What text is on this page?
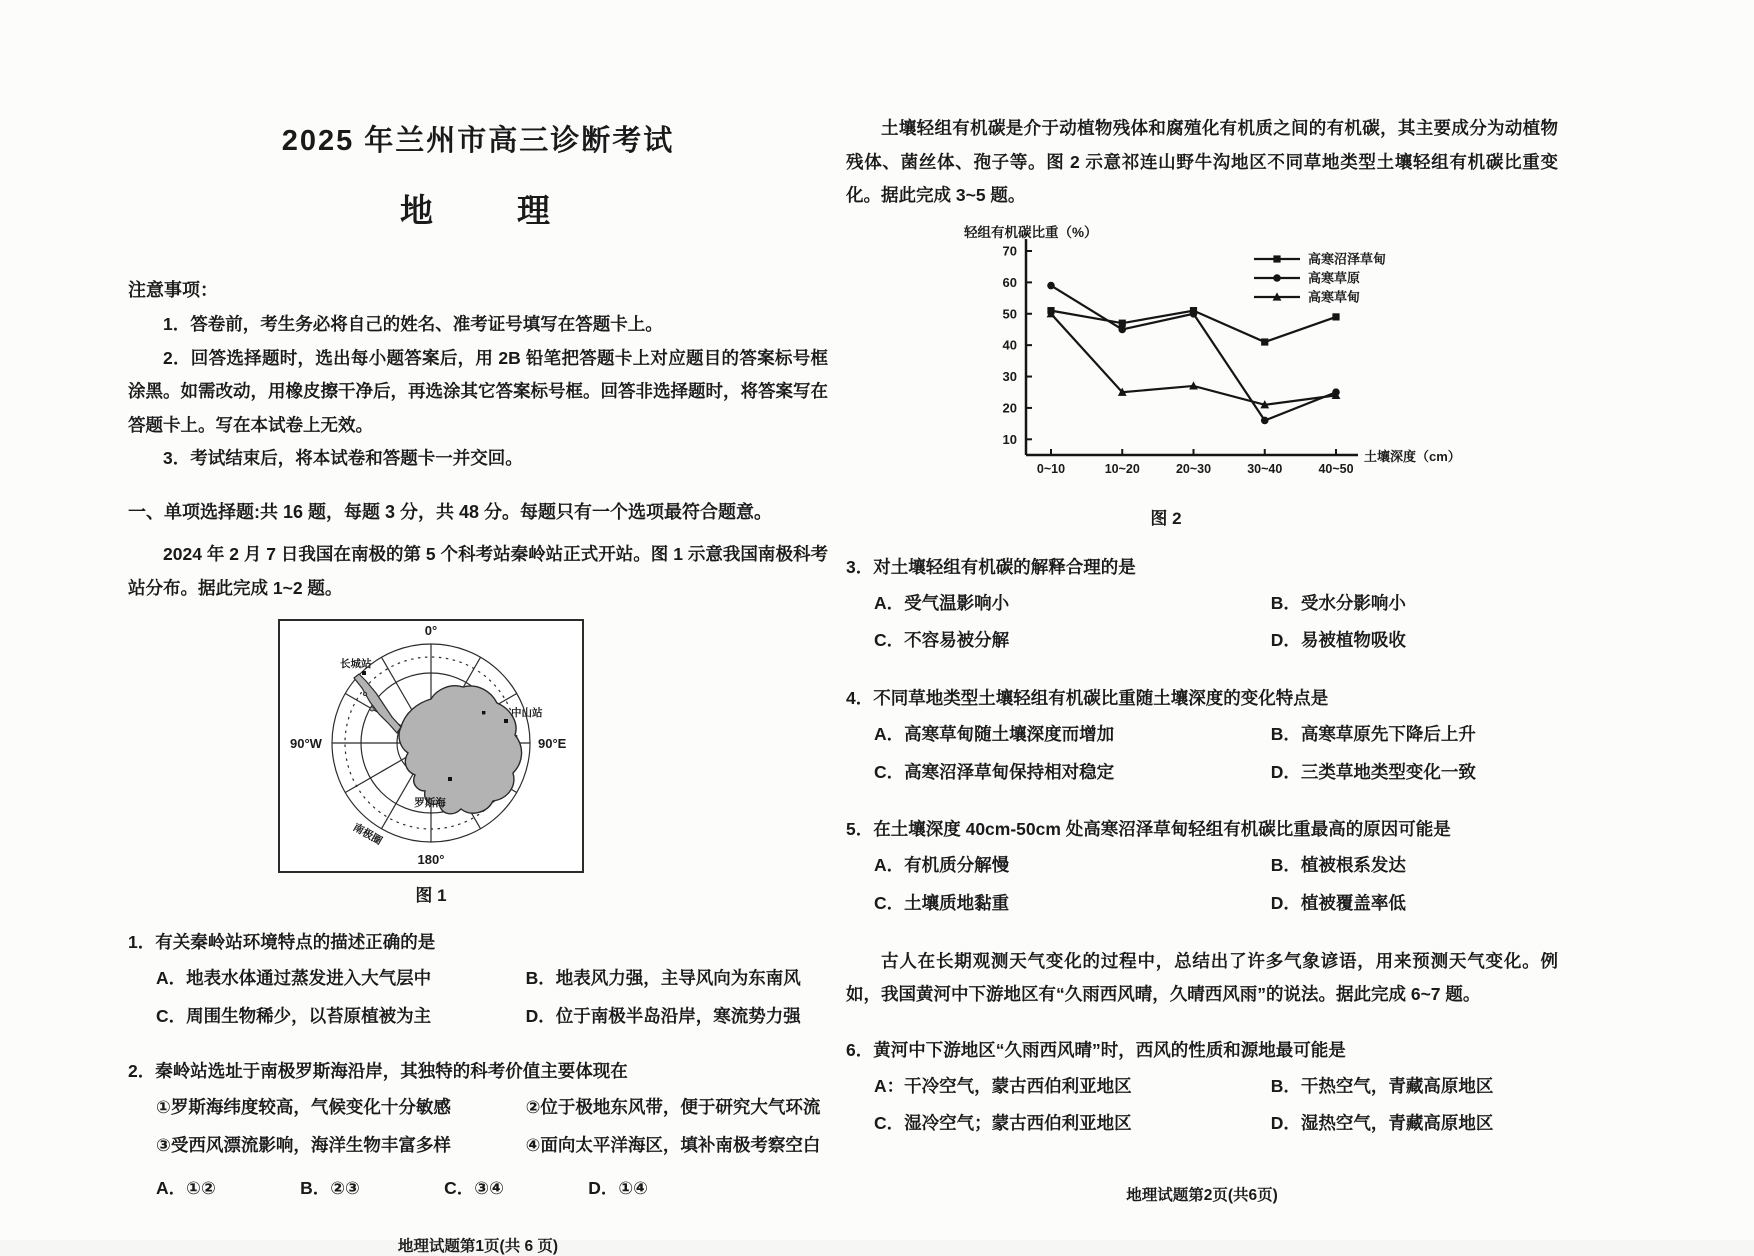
2025 年兰州市高三诊断考试
地　　理
注意事项：

1．答卷前，考生务必将自己的姓名、准考证号填写在答题卡上。

2．回答选择题时，选出每小题答案后，用 2B 铅笔把答题卡上对应题目的答案标号框涂黑。如需改动，用橡皮擦干净后，再选涂其它答案标号框。回答非选择题时，将答案写在答题卡上。写在本试卷上无效。

3．考试结束后，将本试卷和答题卡一并交回。

一、单项选择题:共 16 题，每题 3 分，共 48 分。每题只有一个选项最符合题意。

2024 年 2 月 7 日我国在南极的第 5 个科考站秦岭站正式开站。图 1 示意我国南极科考站分布。据此完成 1~2 题。

0°
90°W	90°E
180°
长城站
中山站
罗斯海
南极圈
图 1
1．有关秦岭站环境特点的描述正确的是
A．地表水体通过蒸发进入大气层中	B．地表风力强，主导风向为东南风
C．周围生物稀少，以苔原植被为主	D．位于南极半岛沿岸，寒流势力强
2．秦岭站选址于南极罗斯海沿岸，其独特的科考价值主要体现在
①罗斯海纬度较高，气候变化十分敏感	②位于极地东风带，便于研究大气环流
③受西风漂流影响，海洋生物丰富多样	④面向太平洋海区，填补南极考察空白
A．①②	B．②③	C．③④	D．①④
地理试题第1页(共 6 页)

土壤轻组有机碳是介于动植物残体和腐殖化有机质之间的有机碳，其主要成分为动植物残体、菌丝体、孢子等。图 2 示意祁连山野牛沟地区不同草地类型土壤轻组有机碳比重变化。据此完成 3~5 题。

10
20
30
40
50
60
70
0~10	10~20	20~30	30~40	40~50
轻组有机碳比重（%）
土壤深度（cm）
高寒沼泽草甸
高寒草原
高寒草甸
图 2
3．对土壤轻组有机碳的解释合理的是
A．受气温影响小	B．受水分影响小
C．不容易被分解	D．易被植物吸收
4．不同草地类型土壤轻组有机碳比重随土壤深度的变化特点是
A．高寒草甸随土壤深度而增加	B．高寒草原先下降后上升
C．高寒沼泽草甸保持相对稳定	D．三类草地类型变化一致
5．在土壤深度 40cm-50cm 处高寒沼泽草甸轻组有机碳比重最高的原因可能是
A．有机质分解慢	B．植被根系发达
C．土壤质地黏重	D．植被覆盖率低

古人在长期观测天气变化的过程中，总结出了许多气象谚语，用来预测天气变化。例如，我国黄河中下游地区有“久雨西风晴，久晴西风雨”的说法。据此完成 6~7 题。

6．黄河中下游地区“久雨西风晴”时，西风的性质和源地最可能是
A：干冷空气，蒙古西伯利亚地区	B．干热空气，青藏高原地区
C．湿冷空气；蒙古西伯利亚地区	D．湿热空气，青藏高原地区
地理试题第2页(共6页)
